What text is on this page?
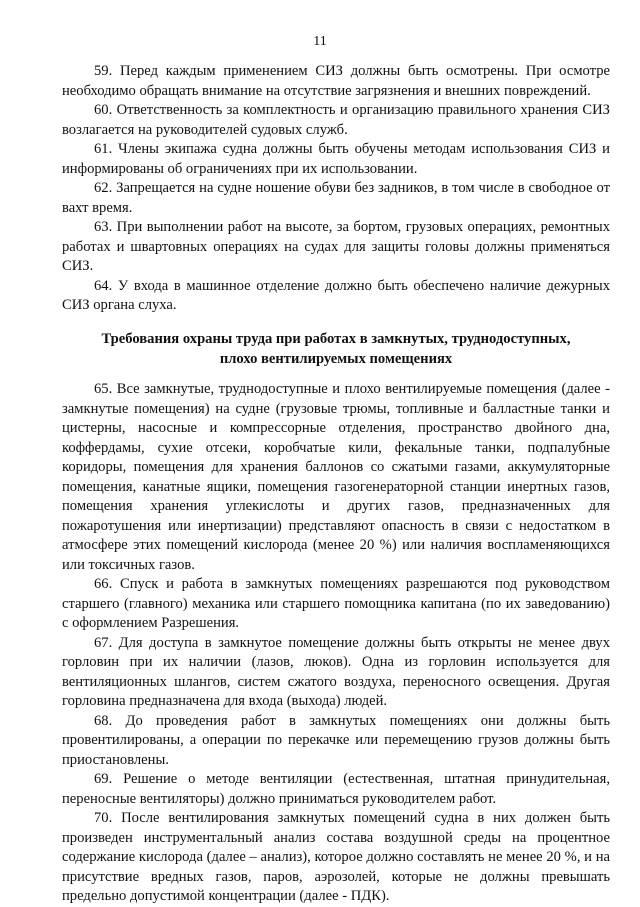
11

59. Перед каждым применением СИЗ должны быть осмотрены. При осмотре необходимо обращать внимание на отсутствие загрязнения и внешних повреждений.

60. Ответственность за комплектность и организацию правильного хранения СИЗ возлагается на руководителей судовых служб.

61. Члены экипажа судна должны быть обучены методам использования СИЗ и информированы об ограничениях при их использовании.

62. Запрещается на судне ношение обуви без задников, в том числе в свободное от вахт время.

63. При выполнении работ на высоте, за бортом, грузовых операциях, ремонтных работах и швартовных операциях на судах для защиты головы должны применяться СИЗ.

64. У входа в машинное отделение должно быть обеспечено наличие дежурных СИЗ органа слуха.

Требования охраны труда при работах в замкнутых, труднодоступных,

плохо вентилируемых помещениях

65. Все замкнутые, труднодоступные и плохо вентилируемые помещения (далее - замкнутые помещения) на судне (грузовые трюмы, топливные и балластные танки и цистерны, насосные и компрессорные отделения, пространство двойного дна, коффердамы, сухие отсеки, коробчатые кили, фекальные танки, подпалубные коридоры, помещения для хранения баллонов со сжатыми газами, аккумуляторные помещения, канатные ящики, помещения газогенераторной станции инертных газов, помещения хранения углекислоты и других газов, предназначенных для пожаротушения или инертизации) представляют опасность в связи с недостатком в атмосфере этих помещений кислорода (менее 20 %) или наличия воспламеняющихся или токсичных газов.

66. Спуск и работа в замкнутых помещениях разрешаются под руководством старшего (главного) механика или старшего помощника капитана (по их заведованию) с оформлением Разрешения.

67. Для доступа в замкнутое помещение должны быть открыты не менее двух горловин при их наличии (лазов, люков). Одна из горловин используется для вентиляционных шлангов, систем сжатого воздуха, переносного освещения. Другая горловина предназначена для входа (выхода) людей.

68. До проведения работ в замкнутых помещениях они должны быть провентилированы, а операции по перекачке или перемещению грузов должны быть приостановлены.

69. Решение о методе вентиляции (естественная, штатная принудительная, переносные вентиляторы) должно приниматься руководителем работ.

70. После вентилирования замкнутых помещений судна в них должен быть произведен инструментальный анализ состава воздушной среды на процентное содержание кислорода (далее – анализ), которое должно составлять не менее 20 %, и на присутствие вредных газов, паров, аэрозолей, которые не должны превышать предельно допустимой концентрации (далее - ПДК).
